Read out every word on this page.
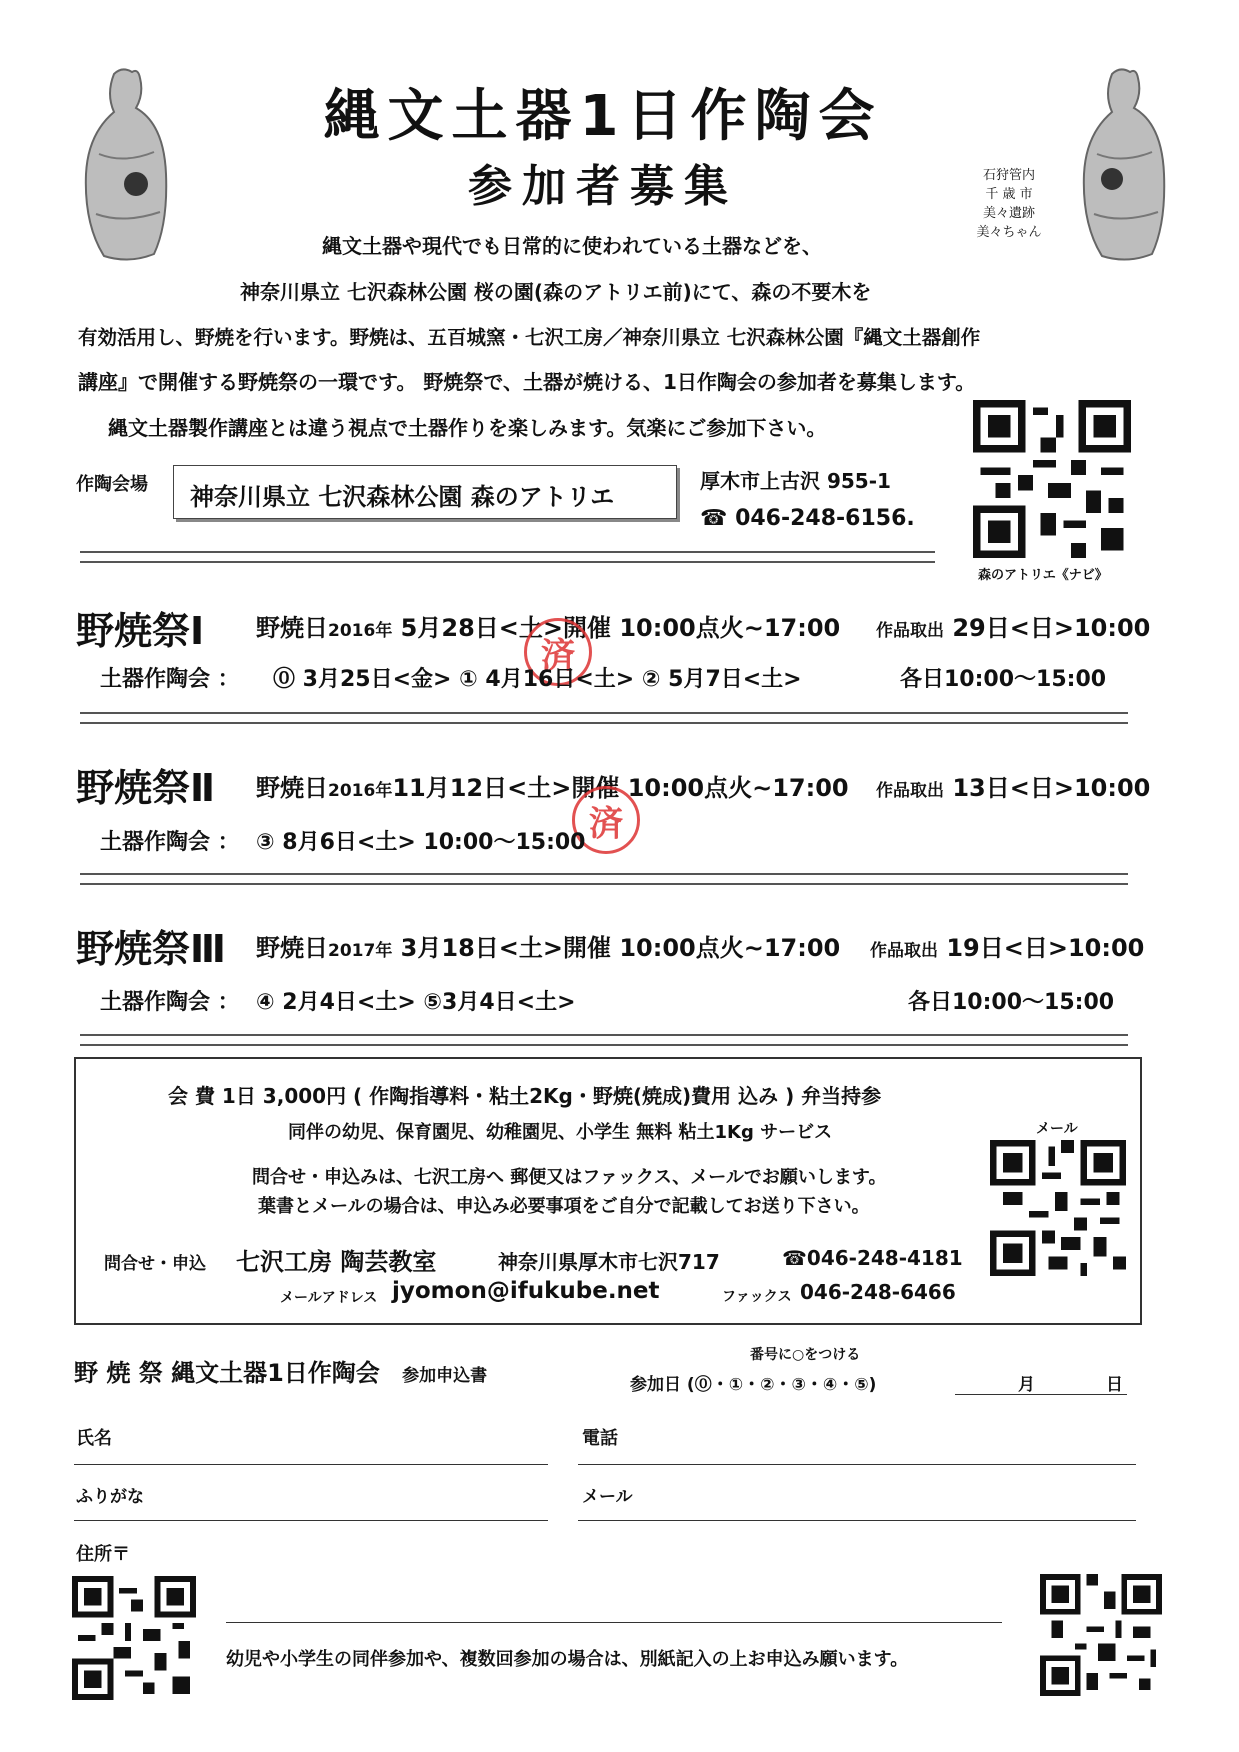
縄文土器1日作陶会
参加者募集	石狩管内
千 歳 市
美々遺跡
美々ちゃん
縄文土器や現代でも日常的に使われている土器などを、
神奈川県立 七沢森林公園 桜の園(森のアトリエ前)にて、森の不要木を
有効活用し、野焼を行います。野焼は、五百城窯・七沢工房／神奈川県立 七沢森林公園『縄文土器創作
講座』で開催する野焼祭の一環です。 野焼祭で、土器が焼ける、1日作陶会の参加者を募集します。
縄文土器製作講座とは違う視点で土器作りを楽しみます。気楽にご参加下さい。
作陶会場	神奈川県立 七沢森林公園 森のアトリエ
厚木市上古沢 955-1
☎ 046-248-6156.
森のアトリエ《ナビ》
野焼祭Ⅰ 野焼日2016年 5月28日<土>開催 10:00点火~17:00 作品取出 29日<日>10:00
済
土器作陶会 ： ⓪ 3月25日<金> ① 4月16日<土> ② 5月7日<土>	各日10:00～15:00
野焼祭Ⅱ 野焼日2016年11月12日<土>開催 10:00点火~17:00 作品取出 13日<日>10:00
済
土器作陶会 ： ③ 8月6日<土> 10:00～15:00
野焼祭Ⅲ 野焼日2017年 3月18日<土>開催 10:00点火~17:00 作品取出 19日<日>10:00
土器作陶会 ： ④ 2月4日<土> ⑤3月4日<土>	各日10:00～15:00
会 費 1日 3,000円 ( 作陶指導料・粘土2Kg・野焼(焼成)費用 込み ) 弁当持参
同伴の幼児、保育園児、幼稚園児、小学生 無料 粘土1Kg サービス
問合せ・申込みは、七沢工房へ 郵便又はファックス、メールでお願いします。
葉書とメールの場合は、申込み必要事項をご自分で記載してお送り下さい。
問合せ・申込 七沢工房 陶芸教室	神奈川県厚木市七沢717	☎046-248-4181
メールアドレス jyomon@ifukube.net	ファックス 046-248-6466
メール
野 焼 祭 縄文土器1日作陶会 参加申込書
番号に○をつける
参加日 (⓪・①・②・③・④・⑤)	月	日
氏名	電話
ふりがな	メール
住所〒
幼児や小学生の同伴参加や、複数回参加の場合は、別紙記入の上お申込み願います。
